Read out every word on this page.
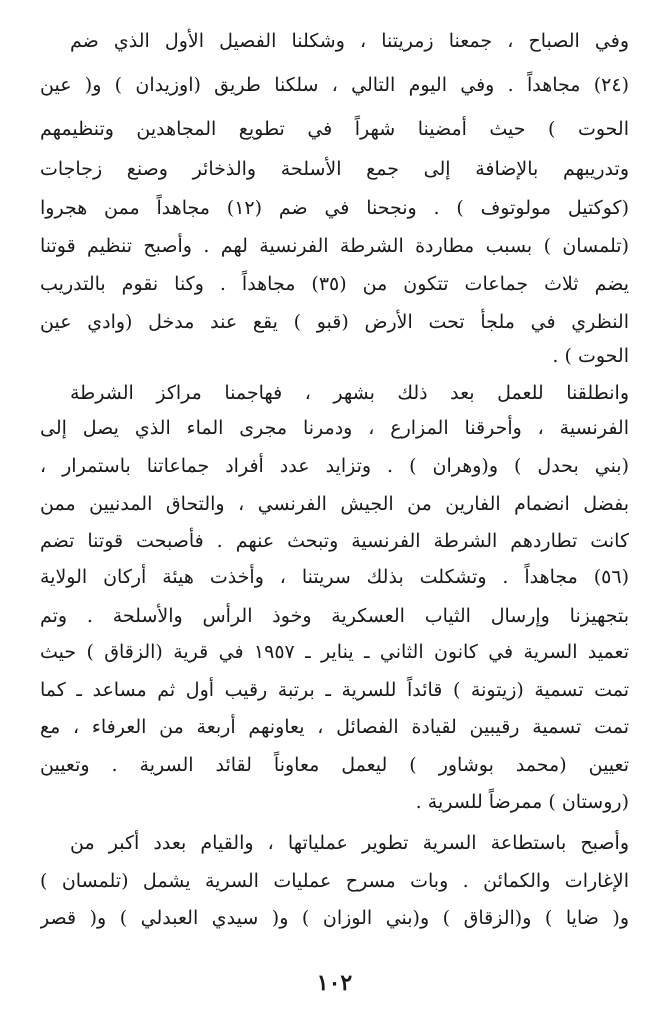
وفي الصباح ، جمعنا زمريتنا ، وشكلنا الفصيل الأول الذي ضم
(٢٤) مجاهداً . وفي اليوم التالي ، سلكنا طريق (اوزيدان ) و( عين
الحوت ) حيث أمضينا شهراً في تطويع المجاهدين وتنظيمهم
وتدريبهم بالإضافة إلى جمع الأسلحة والذخائر وصنع زجاجات
(كوكتيل مولوتوف ) . ونجحنا في ضم (١٢) مجاهداً ممن هجروا
(تلمسان ) بسبب مطاردة الشرطة الفرنسية لهم . وأصبح تنظيم قوتنا
يضم ثلاث جماعات تتكون من (٣٥) مجاهداً . وكنا نقوم بالتدريب
النظري في ملجأ تحت الأرض (قبو ) يقع عند مدخل (وادي عين
الحوت ) .
وانطلقنا للعمل بعد ذلك بشهر ، فهاجمنا مراكز الشرطة
الفرنسية ، وأحرقنا المزارع ، ودمرنا مجرى الماء الذي يصل إلى
(بني بحدل ) و(وهران ) . وتزايد عدد أفراد جماعاتنا باستمرار ،
بفضل انضمام الفارين من الجيش الفرنسي ، والتحاق المدنيين ممن
كانت تطاردهم الشرطة الفرنسية وتبحث عنهم . فأصبحت قوتنا تضم
(٥٦) مجاهداً . وتشكلت بذلك سريتنا ، وأخذت هيئة أركان الولاية
بتجهيزنا وإرسال الثياب العسكرية وخوذ الرأس والأسلحة . وتم
تعميد السرية في كانون الثاني ـ يناير ـ ١٩٥٧ في قرية (الزقاق ) حيث
تمت تسمية (زيتونة ) قائداً للسرية ـ برتبة رقيب أول ثم مساعد ـ كما
تمت تسمية رقيبين لقيادة الفصائل ، يعاونهم أربعة من العرفاء ، مع
تعيين (محمد بوشاور ) ليعمل معاوناً لقائد السرية . وتعيين
(روستان ) ممرضاً للسرية .
وأصبح باستطاعة السرية تطوير عملياتها ، والقيام بعدد أكبر من
الإغارات والكمائن . وبات مسرح عمليات السرية يشمل (تلمسان )
و( ضايا ) و(الزقاق ) و(بني الوزان ) و( سيدي العبدلي ) و( قصر
١٠٢
